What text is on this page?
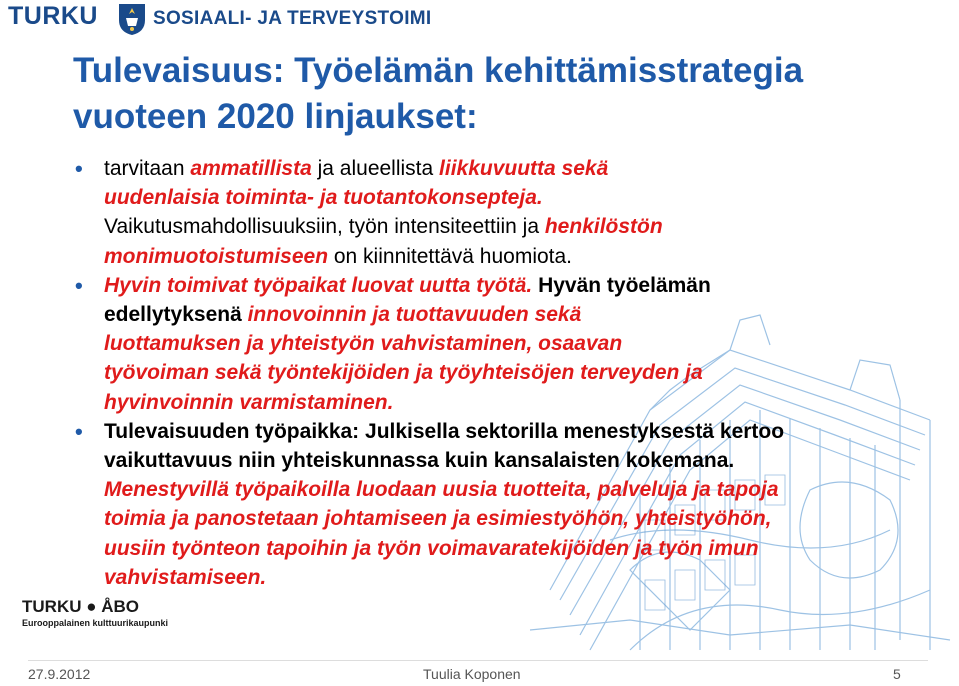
TURKU	SOSIAALI- JA TERVEYSTOIMI
Tulevaisuus: Työelämän kehittämisstrategia
vuoteen 2020 linjaukset:
• tarvitaan ammatillista ja alueellista liikkuvuutta sekä
uudenlaisia toiminta- ja tuotantokonsepteja.
Vaikutusmahdollisuuksiin, työn intensiteettiin ja henkilöstön
monimuotoistumiseen on kiinnitettävä huomiota.
• Hyvin toimivat työpaikat luovat uutta työtä. Hyvän työelämän
edellytyksenä innovoinnin ja tuottavuuden sekä
luottamuksen ja yhteistyön vahvistaminen, osaavan
työvoiman sekä työntekijöiden ja työyhteisöjen terveyden ja
hyvinvoinnin varmistaminen.
• Tulevaisuuden työpaikka: Julkisella sektorilla menestyksestä kertoo
vaikuttavuus niin yhteiskunnassa kuin kansalaisten kokemana.
Menestyvillä työpaikoilla luodaan uusia tuotteita, palveluja ja tapoja
toimia ja panostetaan johtamiseen ja esimiestyöhön, yhteistyöhön,
uusiin työnteon tapoihin ja työn voimavaratekijöiden ja työn imun
vahvistamiseen.
TURKU ● ÅBO
Eurooppalainen kulttuurikaupunki
27.9.2012	Tuulia Koponen	5
